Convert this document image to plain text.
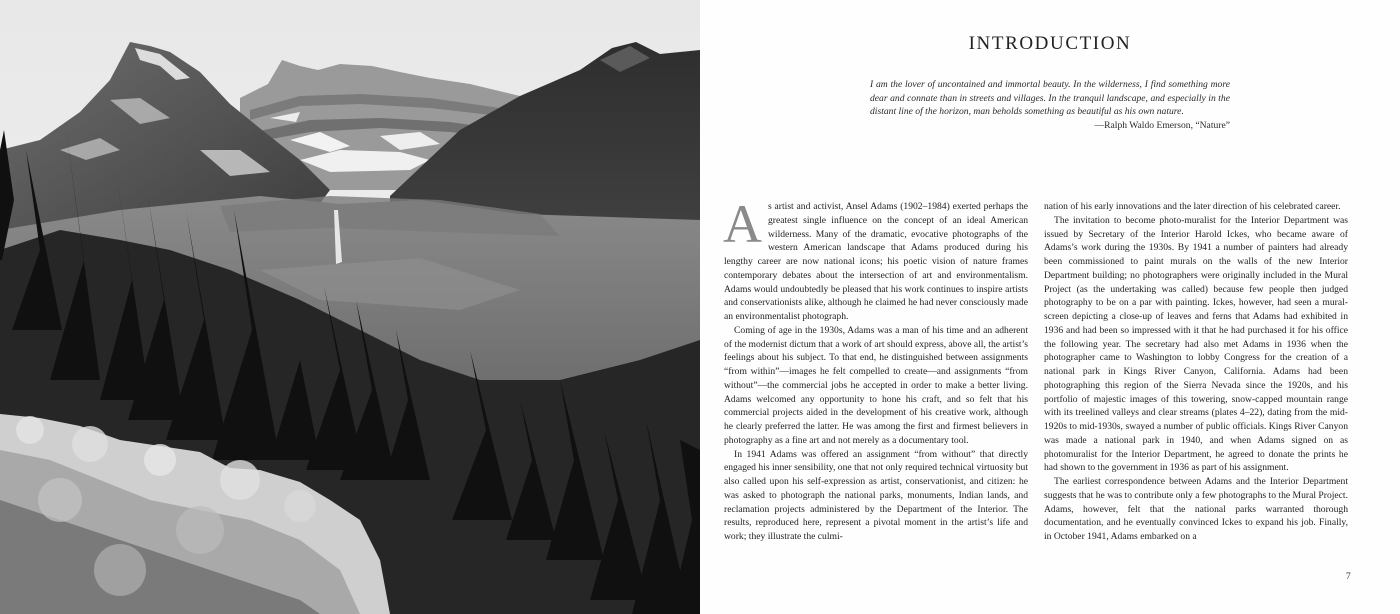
INTRODUCTION
I am the lover of uncontained and immortal beauty. In the wilderness, I find something more dear and connate than in streets and villages. In the tranquil landscape, and especially in the distant line of the horizon, man beholds something as beautiful as his own nature.
—Ralph Waldo Emerson, “Nature”

As artist and activist, Ansel Adams (1902–1984) exerted perhaps the greatest single influence on the concept of an ideal American wilderness. Many of the dramatic, evocative photographs of the western American landscape that Adams produced during his lengthy career are now national icons; his poetic vision of nature frames contemporary debates about the intersection of art and environmentalism. Adams would undoubtedly be pleased that his work continues to inspire artists and conservationists alike, although he claimed he had never consciously made an environmentalist photograph.

Coming of age in the 1930s, Adams was a man of his time and an adherent of the modernist dictum that a work of art should express, above all, the artist’s feelings about his subject. To that end, he distinguished between assignments “from within”—images he felt compelled to create—and assignments “from without”—the commercial jobs he accepted in order to make a better living. Adams welcomed any opportunity to hone his craft, and so felt that his commercial projects aided in the development of his creative work, although he clearly preferred the latter. He was among the first and firmest believers in photography as a fine art and not merely as a documentary tool.

In 1941 Adams was offered an assignment “from without” that directly engaged his inner sensibility, one that not only required technical virtuosity but also called upon his self-expression as artist, conservationist, and citizen: he was asked to photograph the national parks, monuments, Indian lands, and reclamation projects administered by the Department of the Interior. The results, reproduced here, represent a pivotal moment in the artist’s life and work; they illustrate the culmi-

nation of his early innovations and the later direction of his celebrated career.

The invitation to become photo-muralist for the Interior Department was issued by Secretary of the Interior Harold Ickes, who became aware of Adams’s work during the 1930s. By 1941 a number of painters had already been commissioned to paint murals on the walls of the new Interior Department building; no photographers were originally included in the Mural Project (as the undertaking was called) because few people then judged photography to be on a par with painting. Ickes, however, had seen a mural-screen depicting a close-up of leaves and ferns that Adams had exhibited in 1936 and had been so impressed with it that he had purchased it for his office the following year. The secretary had also met Adams in 1936 when the photographer came to Washington to lobby Congress for the creation of a national park in Kings River Canyon, California. Adams had been photographing this region of the Sierra Nevada since the 1920s, and his portfolio of majestic images of this towering, snow-capped mountain range with its treelined valleys and clear streams (plates 4–22), dating from the mid-1920s to mid-1930s, swayed a number of public officials. Kings River Canyon was made a national park in 1940, and when Adams signed on as photomuralist for the Interior Department, he agreed to donate the prints he had shown to the government in 1936 as part of his assignment.

The earliest correspondence between Adams and the Interior Department suggests that he was to contribute only a few photographs to the Mural Project. Adams, however, felt that the national parks warranted thorough documentation, and he eventually convinced Ickes to expand his job. Finally, in October 1941, Adams embarked on a

7
